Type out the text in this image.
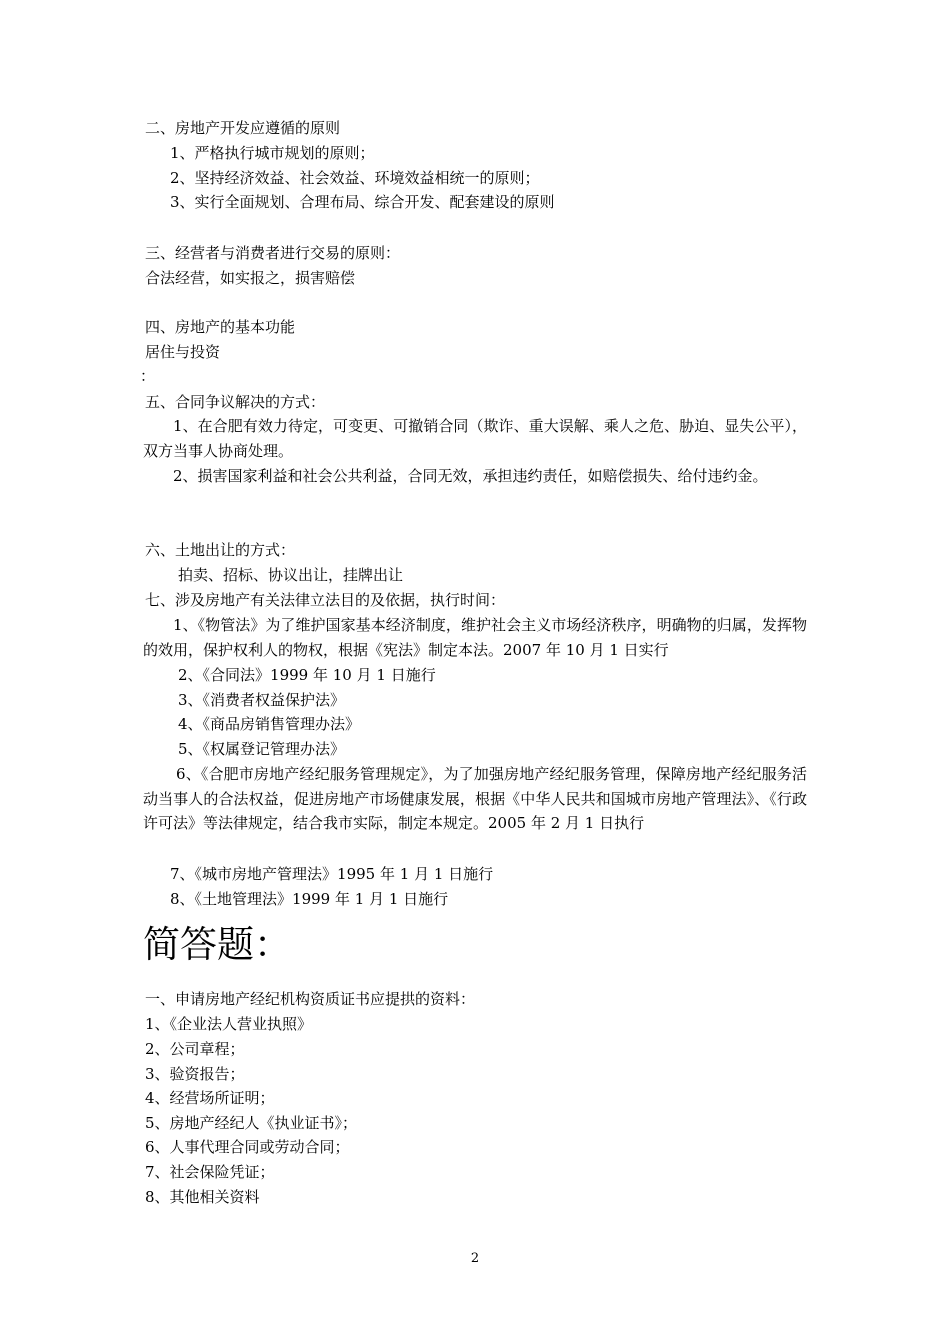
二、房地产开发应遵循的原则

1、严格执行城市规划的原则；

2、坚持经济效益、社会效益、环境效益相统一的原则；

3、实行全面规划、合理布局、综合开发、配套建设的原则

三、经营者与消费者进行交易的原则：

合法经营，如实报之，损害赔偿

四、房地产的基本功能

居住与投资

：

五、合同争议解决的方式：

1、在合肥有效力待定，可变更、可撤销合同（欺诈、重大误解、乘人之危、胁迫、显失公平），双方当事人协商处理。

2、损害国家利益和社会公共利益，合同无效，承担违约责任，如赔偿损失、给付违约金。

六、土地出让的方式：

拍卖、招标、协议出让，挂牌出让

七、涉及房地产有关法律立法目的及依据，执行时间：

1、《物管法》为了维护国家基本经济制度，维护社会主义市场经济秩序，明确物的归属，发挥物的效用，保护权利人的物权，根据《宪法》制定本法。2007 年 10 月 1 日实行

2、《合同法》1999 年 10 月 1 日施行

3、《消费者权益保护法》

4、《商品房销售管理办法》

5、《权属登记管理办法》

6、《合肥市房地产经纪服务管理规定》，为了加强房地产经纪服务管理，保障房地产经纪服务活动当事人的合法权益，促进房地产市场健康发展，根据《中华人民共和国城市房地产管理法》、《行政许可法》等法律规定，结合我市实际，制定本规定。2005 年 2 月 1 日执行

7、《城市房地产管理法》1995 年 1 月 1 日施行

8、《土地管理法》1999 年 1 月 1 日施行

简答题：

一、申请房地产经纪机构资质证书应提拱的资料：

1、《企业法人营业执照》

2、公司章程；

3、验资报告；

4、经营场所证明；

5、房地产经纪人《执业证书》；

6、人事代理合同或劳动合同；

7、社会保险凭证；

8、其他相关资料

2
